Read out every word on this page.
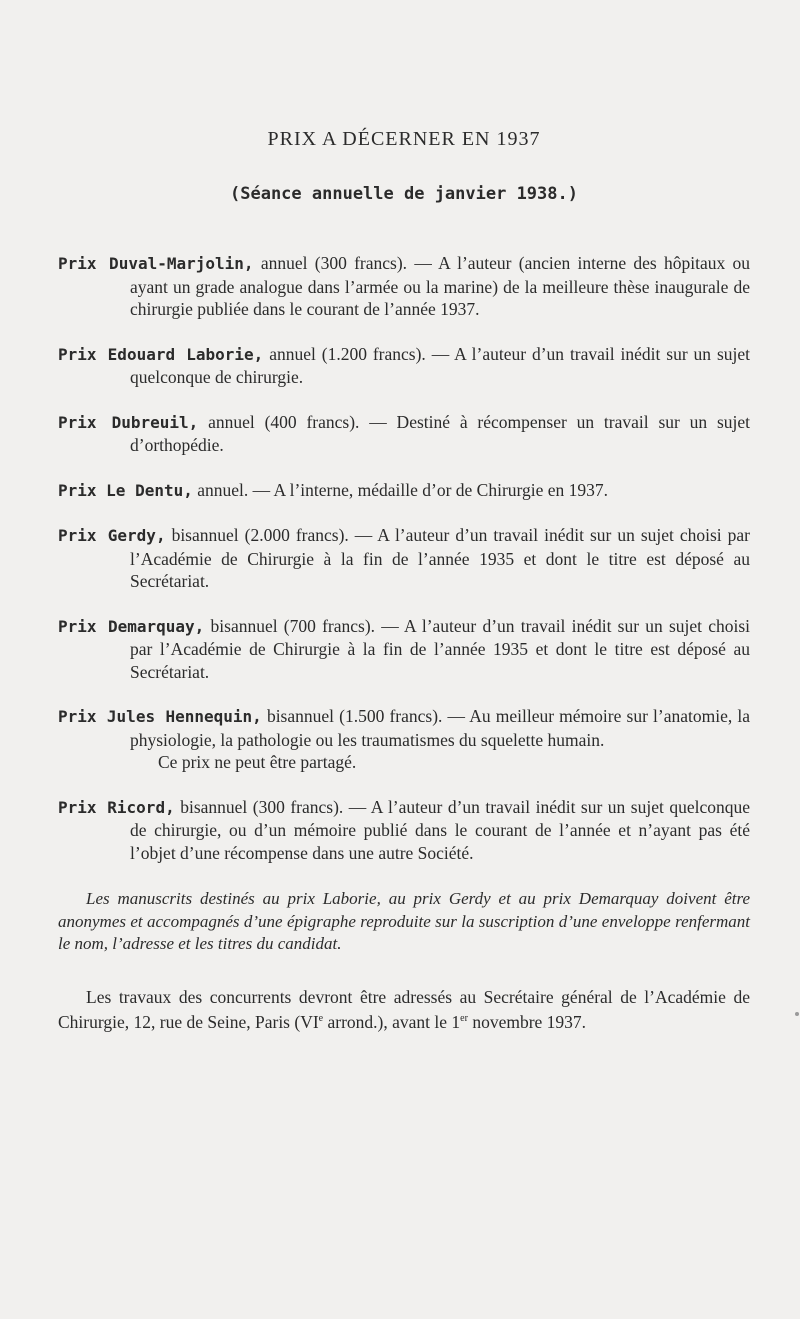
PRIX A DÉCERNER EN 1937
(Séance annuelle de janvier 1938.)

Prix Duval-Marjolin, annuel (300 francs). — A l’auteur (ancien interne des hôpitaux ou ayant un grade analogue dans l’armée ou la marine) de la meilleure thèse inaugurale de chirurgie publiée dans le courant de l’année 1937.

Prix Edouard Laborie, annuel (1.200 francs). — A l’auteur d’un travail inédit sur un sujet quelconque de chirurgie.

Prix Dubreuil, annuel (400 francs). — Destiné à récompenser un travail sur un sujet d’orthopédie.

Prix Le Dentu, annuel. — A l’interne, médaille d’or de Chirurgie en 1937.

Prix Gerdy, bisannuel (2.000 francs). — A l’auteur d’un travail inédit sur un sujet choisi par l’Académie de Chirurgie à la fin de l’année 1935 et dont le titre est déposé au Secrétariat.

Prix Demarquay, bisannuel (700 francs). — A l’auteur d’un travail inédit sur un sujet choisi par l’Académie de Chirurgie à la fin de l’année 1935 et dont le titre est déposé au Secrétariat.

Prix Jules Hennequin, bisannuel (1.500 francs). — Au meilleur mémoire sur l’anatomie, la physiologie, la pathologie ou les traumatismes du squelette humain.
Ce prix ne peut être partagé.

Prix Ricord, bisannuel (300 francs). — A l’auteur d’un travail inédit sur un sujet quelconque de chirurgie, ou d’un mémoire publié dans le courant de l’année et n’ayant pas été l’objet d’une récompense dans une autre Société.

Les manuscrits destinés au prix Laborie, au prix Gerdy et au prix Demarquay doivent être anonymes et accompagnés d’une épigraphe reproduite sur la suscription d’une enveloppe renfermant le nom, l’adresse et les titres du candidat.

Les travaux des concurrents devront être adressés au Secrétaire général de l’Académie de Chirurgie, 12, rue de Seine, Paris (VIe arrond.), avant le 1er novembre 1937.
